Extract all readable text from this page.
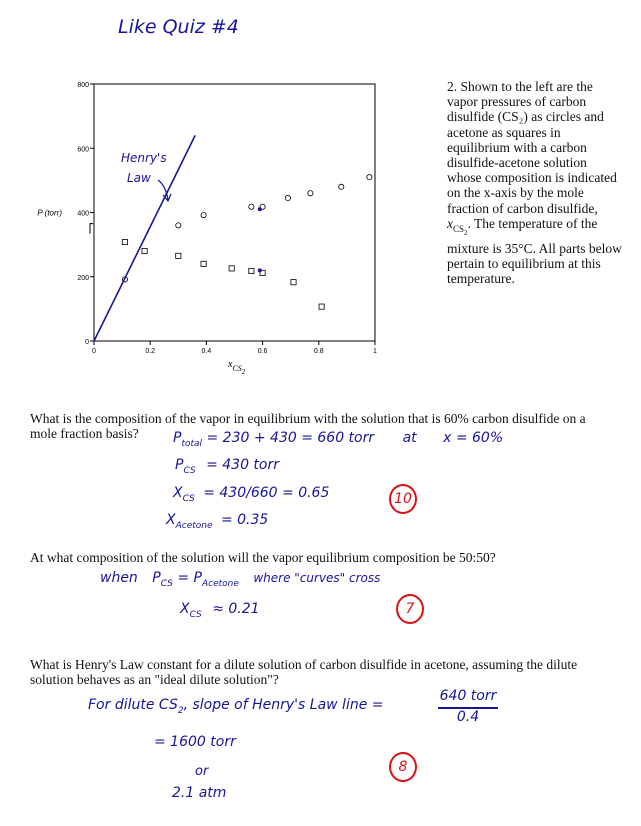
Like Quiz #4
0
200
400
600
800
0	0.2	0.4	0.6	0.8	1
P (torr)
$x_{CS2}$
Henry's
Law
2. Shown to the left are the vapor pressures of carbon disulfide (CS₂) as circles and acetone as squares in equilibrium with a carbon disulfide-acetone solution whose composition is indicated on the x-axis by the mole fraction of carbon disulfide, $x_{CS_2}$. The temperature of the mixture is 35°C. All parts below pertain to equilibrium at this temperature.
What is the composition of the vapor in equilibrium with the solution that is 60% carbon disulfide on a
mole fraction basis? $P_{total} = 230 + 430 = 660$ torr at x = 60%
$P_{CS} = 430$ torr
$X_{CS} = 430/660 = 0.65$	10
$X_{Acetone} = 0.35$
At what composition of the solution will the vapor equilibrium composition be 50:50?
when $P_{CS} = P_{Acetone}$ where "curves" cross
$X_{CS} \approx 0.21$	7
What is Henry's Law constant for a dilute solution of carbon disulfide in acetone, assuming the dilute
solution behaves as an "ideal dilute solution"?
For dilute $CS_2$, slope of Henry's Law line =
640 torr
0.4
= 1600 torr
or
2.1 atm
8
